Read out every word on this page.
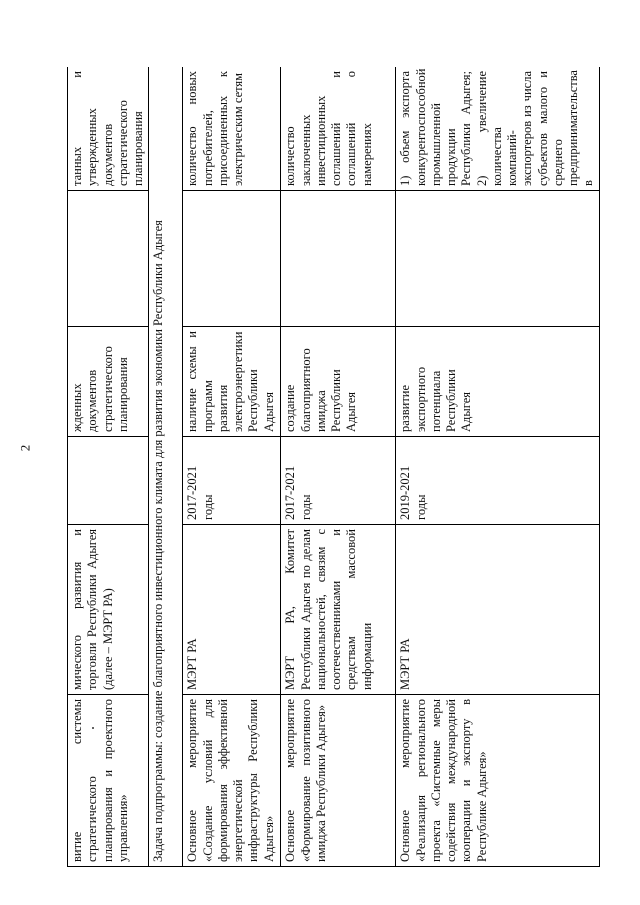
2
витие системы стратегического планирования и проектного управления»	мического развития и торговли Республики Адыгея (далее – МЭРТ РА)		жденных документов стратегического планирования		танных и утвержденных документов стратегического планирования
Задача подпрограммы: создание благоприятного инвестиционного климата для развития экономики Республики Адыгея					
Основное мероприятие «Создание условий для формирования эффективной энергетической инфраструктуры Республики Адыгея»	МЭРТ РА	2017-2021 годы	наличие схемы и программ развития электроэнергетики Республики Адыгея		количество новых потребителей, присоединенных к электрическим сетям
Основное мероприятие «Формирование позитивного имиджа Республики Адыгея»	МЭРТ РА, Комитет Республики Адыгея по делам национальностей, связям с соотечественниками и средствам массовой информации	2017-2021 годы	создание благоприятного имиджа Республики Адыгея		количество заключенных инвестиционных соглашений и соглашений о намерениях
Основное мероприятие «Реализация регионального проекта «Системные меры содействия международной кооперации и экспорту в Республике Адыгея»	МЭРТ РА	2019-2021 годы	развитие экспортного потенциала Республики Адыгея		1) объем экспорта конкурентоспособной промышленной продукции Республики Адыгея; 2) увеличение количества компаний-экспортеров из числа субъектов малого и среднего предпринимательства в
